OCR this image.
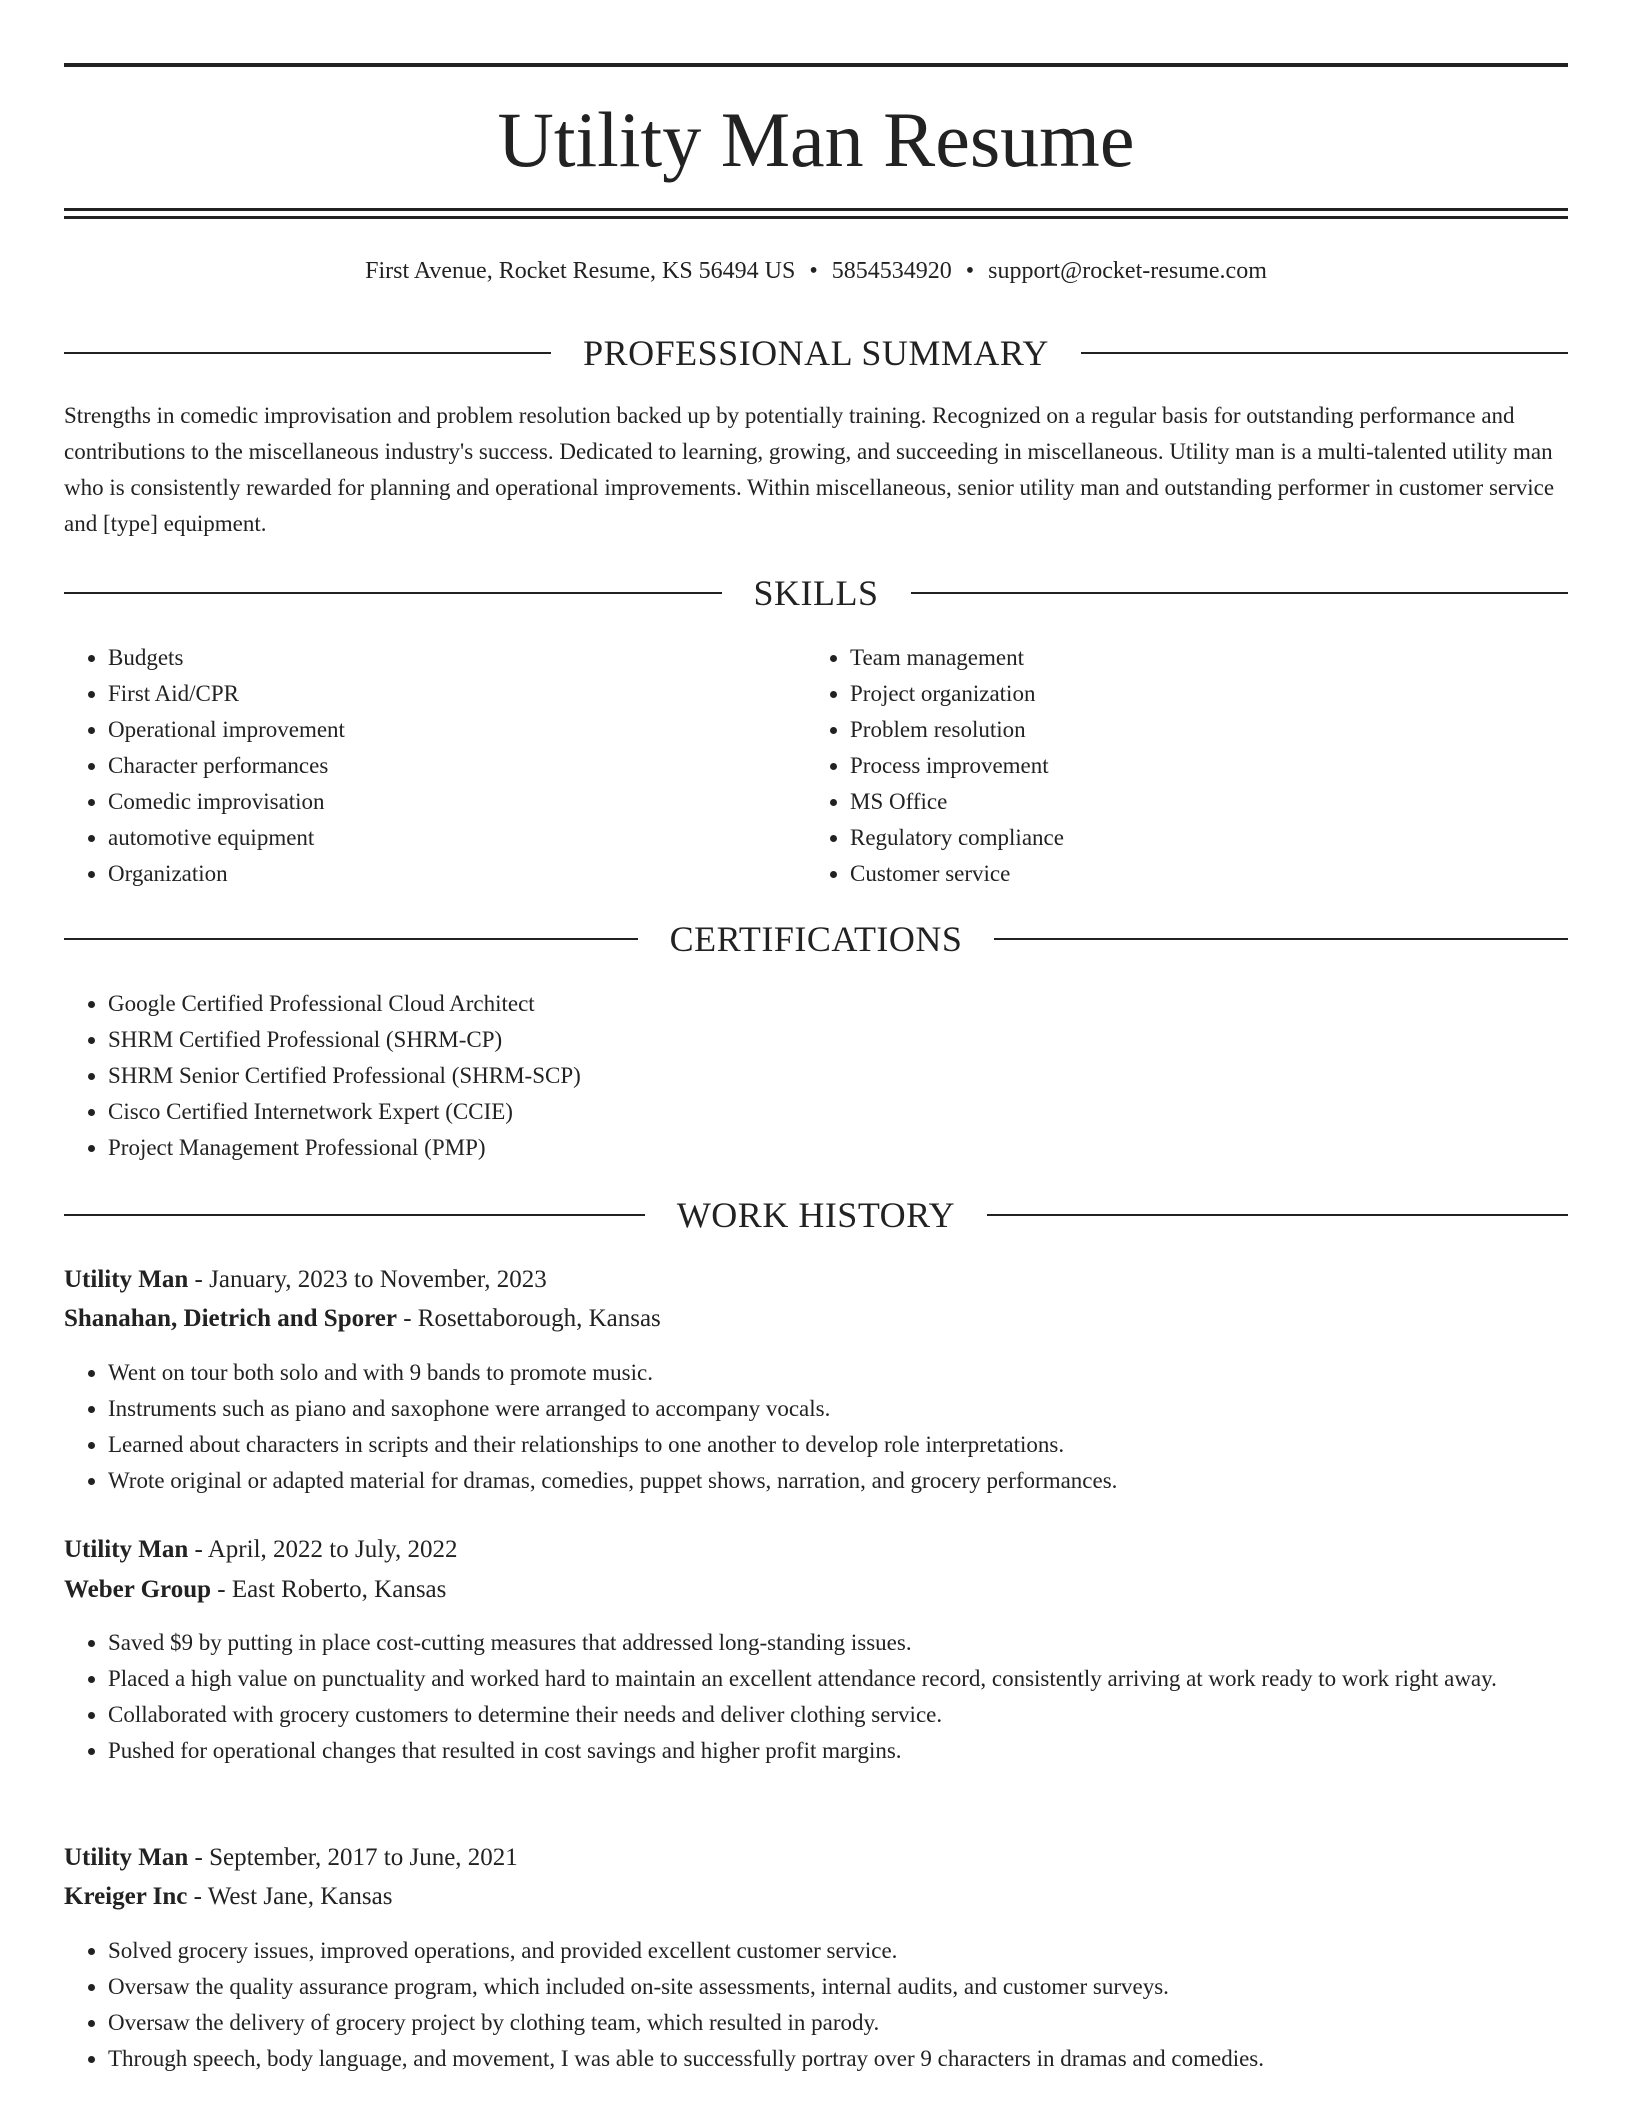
Utility Man Resume
First Avenue, Rocket Resume, KS 56494 US • 5854534920 • support@rocket-resume.com
PROFESSIONAL SUMMARY
Strengths in comedic improvisation and problem resolution backed up by potentially training. Recognized on a regular basis for outstanding performance and contributions to the miscellaneous industry's success. Dedicated to learning, growing, and succeeding in miscellaneous. Utility man is a multi-talented utility man who is consistently rewarded for planning and operational improvements. Within miscellaneous, senior utility man and outstanding performer in customer service and [type] equipment.
SKILLS
• Budgets
• First Aid/CPR
• Operational improvement
• Character performances
• Comedic improvisation
• automotive equipment
• Organization
• Team management
• Project organization
• Problem resolution
• Process improvement
• MS Office
• Regulatory compliance
• Customer service
CERTIFICATIONS
• Google Certified Professional Cloud Architect
• SHRM Certified Professional (SHRM-CP)
• SHRM Senior Certified Professional (SHRM-SCP)
• Cisco Certified Internetwork Expert (CCIE)
• Project Management Professional (PMP)
WORK HISTORY
Utility Man - January, 2023 to November, 2023
Shanahan, Dietrich and Sporer - Rosettaborough, Kansas
• Went on tour both solo and with 9 bands to promote music.
• Instruments such as piano and saxophone were arranged to accompany vocals.
• Learned about characters in scripts and their relationships to one another to develop role interpretations.
• Wrote original or adapted material for dramas, comedies, puppet shows, narration, and grocery performances.
Utility Man - April, 2022 to July, 2022
Weber Group - East Roberto, Kansas
• Saved $9 by putting in place cost-cutting measures that addressed long-standing issues.
• Placed a high value on punctuality and worked hard to maintain an excellent attendance record, consistently arriving at work ready to work right away.
• Collaborated with grocery customers to determine their needs and deliver clothing service.
• Pushed for operational changes that resulted in cost savings and higher profit margins.
Utility Man - September, 2017 to June, 2021
Kreiger Inc - West Jane, Kansas
• Solved grocery issues, improved operations, and provided excellent customer service.
• Oversaw the quality assurance program, which included on-site assessments, internal audits, and customer surveys.
• Oversaw the delivery of grocery project by clothing team, which resulted in parody.
• Through speech, body language, and movement, I was able to successfully portray over 9 characters in dramas and comedies.
